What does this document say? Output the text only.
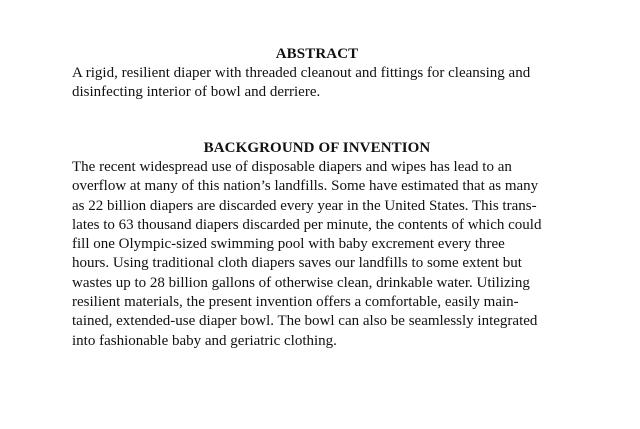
ABSTRACT

A rigid, resilient diaper with threaded cleanout and fittings for cleansing and
disinfecting interior of bowl and derriere.

BACKGROUND OF INVENTION

The recent widespread use of disposable diapers and wipes has lead to an
overflow at many of this nation’s landfills. Some have estimated that as many
as 22 billion diapers are discarded every year in the United States. This trans-
lates to 63 thousand diapers discarded per minute, the contents of which could
fill one Olympic-sized swimming pool with baby excrement every three
hours. Using traditional cloth diapers saves our landfills to some extent but
wastes up to 28 billion gallons of otherwise clean, drinkable water. Utilizing
resilient materials, the present invention offers a comfortable, easily main-
tained, extended-use diaper bowl. The bowl can also be seamlessly integrated
into fashionable baby and geriatric clothing.
